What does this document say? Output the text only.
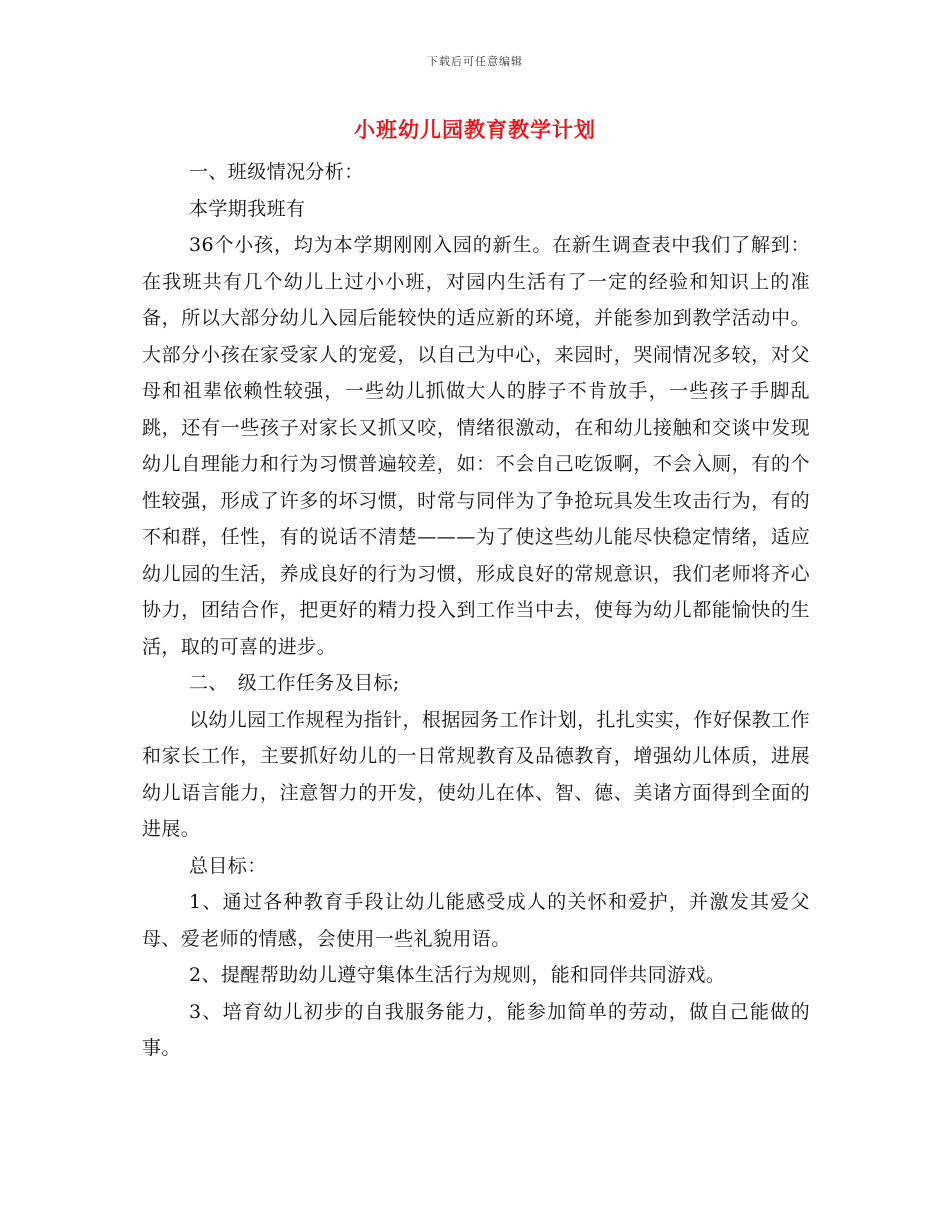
下载后可任意编辑
小班幼儿园教育教学计划

一、班级情况分析：

本学期我班有

36个小孩，均为本学期刚刚入园的新生。在新生调查表中我们了解到：在我班共有几个幼儿上过小小班，对园内生活有了一定的经验和知识上的准备，所以大部分幼儿入园后能较快的适应新的环境，并能参加到教学活动中。大部分小孩在家受家人的宠爱，以自己为中心，来园时，哭闹情况多较，对父母和祖辈依赖性较强，一些幼儿抓做大人的脖子不肯放手，一些孩子手脚乱跳，还有一些孩子对家长又抓又咬，情绪很激动，在和幼儿接触和交谈中发现幼儿自理能力和行为习惯普遍较差，如：不会自己吃饭啊，不会入厕，有的个性较强，形成了许多的坏习惯，时常与同伴为了争抢玩具发生攻击行为，有的不和群，任性，有的说话不清楚———为了使这些幼儿能尽快稳定情绪，适应幼儿园的生活，养成良好的行为习惯，形成良好的常规意识，我们老师将齐心协力，团结合作，把更好的精力投入到工作当中去，使每为幼儿都能愉快的生活，取的可喜的进步。

二、　级工作任务及目标;

以幼儿园工作规程为指针，根据园务工作计划，扎扎实实，作好保教工作和家长工作，主要抓好幼儿的一日常规教育及品德教育，增强幼儿体质，进展幼儿语言能力，注意智力的开发，使幼儿在体、智、德、美诸方面得到全面的进展。

总目标：

1、通过各种教育手段让幼儿能感受成人的关怀和爱护，并激发其爱父母、爱老师的情感，会使用一些礼貌用语。

2、提醒帮助幼儿遵守集体生活行为规则，能和同伴共同游戏。

3、培育幼儿初步的自我服务能力，能参加简单的劳动，做自己能做的事。
